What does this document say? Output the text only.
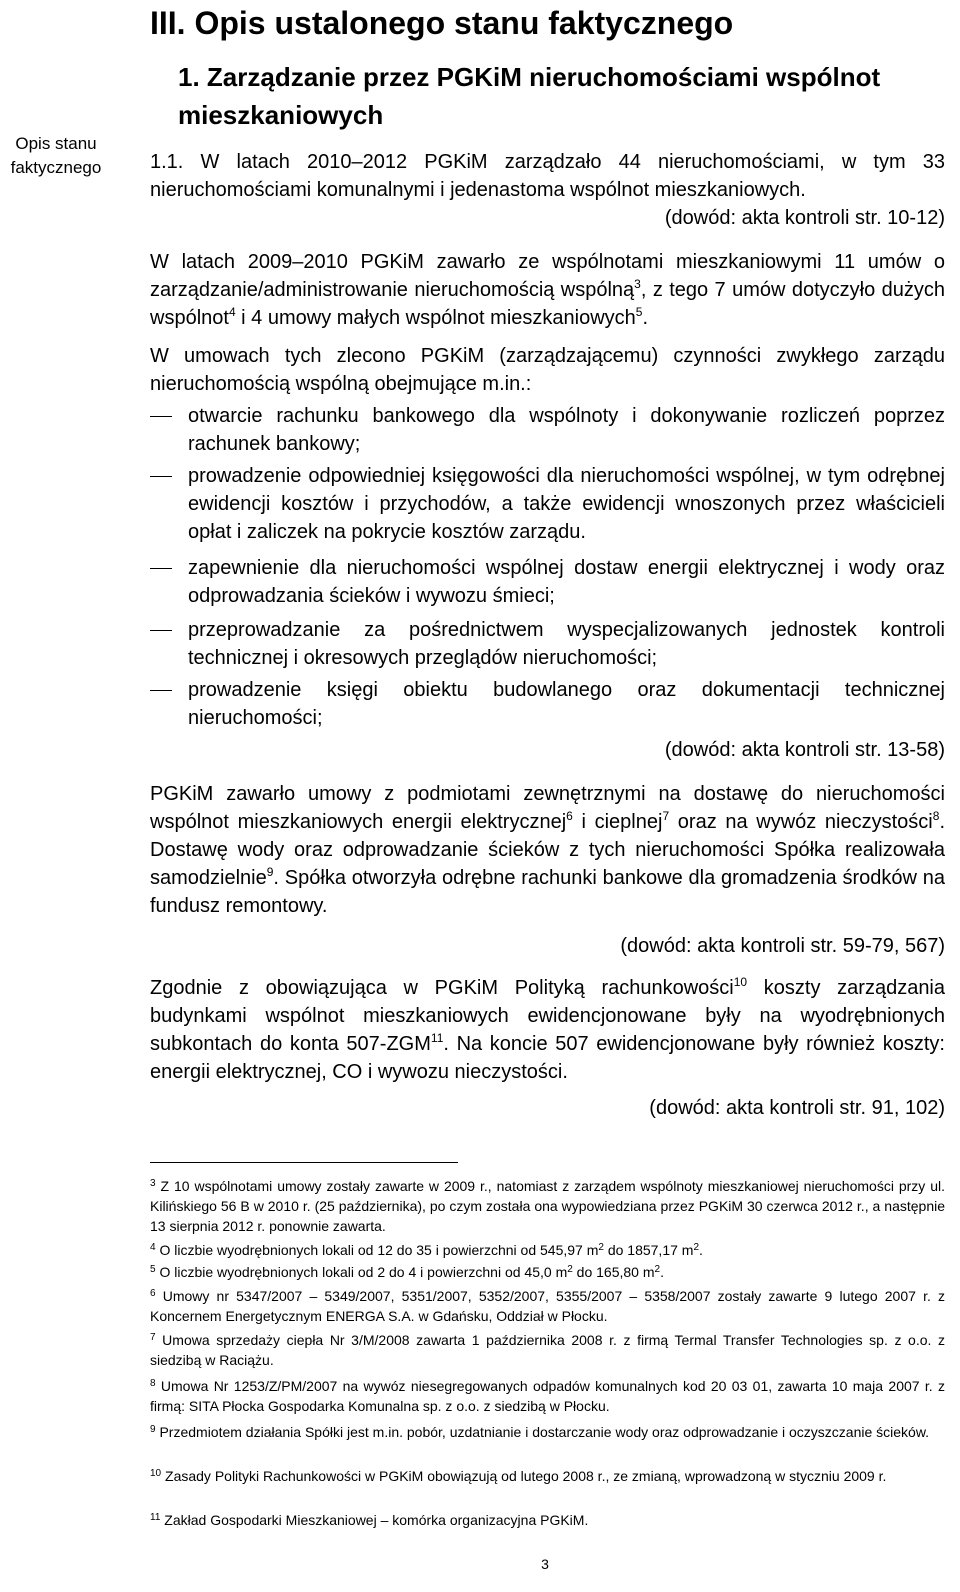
Opis stanu faktycznego
III. Opis ustalonego stanu faktycznego
1. Zarządzanie przez PGKiM nieruchomościami wspólnot mieszkaniowych
1.1. W latach 2010–2012 PGKiM zarządzało 44 nieruchomościami, w tym 33 nieruchomościami komunalnymi i jedenastoma wspólnot mieszkaniowych.
(dowód: akta kontroli str. 10-12)
W latach 2009–2010 PGKiM zawarło ze wspólnotami mieszkaniowymi 11 umów o zarządzanie/administrowanie nieruchomością wspólną$^3$, z tego 7 umów dotyczyło dużych wspólnot$^4$ i 4 umowy małych wspólnot mieszkaniowych$^5$.
W umowach tych zlecono PGKiM (zarządzającemu) czynności zwykłego zarządu nieruchomością wspólną obejmujące m.in.:
otwarcie rachunku bankowego dla wspólnoty i dokonywanie rozliczeń poprzez rachunek bankowy;
prowadzenie odpowiedniej księgowości dla nieruchomości wspólnej, w tym odrębnej ewidencji kosztów i przychodów, a także ewidencji wnoszonych przez właścicieli opłat i zaliczek na pokrycie kosztów zarządu.
zapewnienie dla nieruchomości wspólnej dostaw energii elektrycznej i wody oraz odprowadzania ścieków i wywozu śmieci;
przeprowadzanie za pośrednictwem wyspecjalizowanych jednostek kontroli technicznej i okresowych przeglądów nieruchomości;
prowadzenie księgi obiektu budowlanego oraz dokumentacji technicznej nieruchomości;
(dowód: akta kontroli str. 13-58)
PGKiM zawarło umowy z podmiotami zewnętrznymi na dostawę do nieruchomości wspólnot mieszkaniowych energii elektrycznej$^6$ i cieplnej$^7$ oraz na wywóz nieczystości$^8$. Dostawę wody oraz odprowadzanie ścieków z tych nieruchomości Spółka realizowała samodzielnie$^9$. Spółka otworzyła odrębne rachunki bankowe dla gromadzenia środków na fundusz remontowy.
(dowód: akta kontroli str. 59-79, 567)
Zgodnie z obowiązująca w PGKiM Polityką rachunkowości$^{10}$ koszty zarządzania budynkami wspólnot mieszkaniowych ewidencjonowane były na wyodrębnionych subkontach do konta 507-ZGM$^{11}$. Na koncie 507 ewidencjonowane były również koszty: energii elektrycznej, CO i wywozu nieczystości.
(dowód: akta kontroli str. 91, 102)
$^3$ Z 10 wspólnotami umowy zostały zawarte w 2009 r., natomiast z zarządem wspólnoty mieszkaniowej nieruchomości przy ul. Kilińskiego 56 B w 2010 r. (25 października), po czym została ona wypowiedziana przez PGKiM 30 czerwca 2012 r., a następnie 13 sierpnia 2012 r. ponownie zawarta.
$^4$ O liczbie wyodrębnionych lokali od 12 do 35 i powierzchni od 545,97 $m^2$ do 1857,17 $m^2$.
$^5$ O liczbie wyodrębnionych lokali od 2 do 4 i powierzchni od 45,0 $m^2$ do 165,80 $m^2$.
$^6$ Umowy nr 5347/2007 – 5349/2007, 5351/2007, 5352/2007, 5355/2007 – 5358/2007 zostały zawarte 9 lutego 2007 r. z Koncernem Energetycznym ENERGA S.A. w Gdańsku, Oddział w Płocku.
$^7$ Umowa sprzedaży ciepła Nr 3/M/2008 zawarta 1 października 2008 r. z firmą Termal Transfer Technologies sp. z o.o. z siedzibą w Raciążu.
$^8$ Umowa Nr 1253/Z/PM/2007 na wywóz niesegregowanych odpadów komunalnych kod 20 03 01, zawarta 10 maja 2007 r. z firmą: SITA Płocka Gospodarka Komunalna sp. z o.o. z siedzibą w Płocku.
$^9$ Przedmiotem działania Spółki jest m.in. pobór, uzdatnianie i dostarczanie wody oraz odprowadzanie i oczyszczanie ścieków.
$^{10}$ Zasady Polityki Rachunkowości w PGKiM obowiązują od lutego 2008 r., ze zmianą, wprowadzoną w styczniu 2009 r.
$^{11}$ Zakład Gospodarki Mieszkaniowej – komórka organizacyjna PGKiM.
3
